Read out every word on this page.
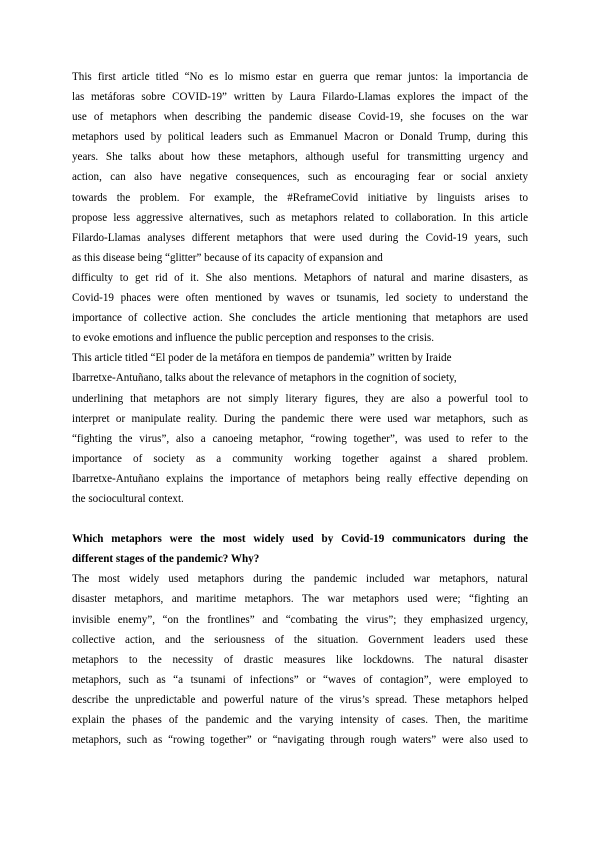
This first article titled “No es lo mismo estar en guerra que remar juntos: la importancia de
las metáforas sobre COVID-19” written by Laura Filardo-Llamas explores the impact of the
use of metaphors when describing the pandemic disease Covid-19, she focuses on the war
metaphors used by political leaders such as Emmanuel Macron or Donald Trump, during this
years. She talks about how these metaphors, although useful for transmitting urgency and
action, can also have negative consequences, such as encouraging fear or social anxiety
towards the problem. For example, the #ReframeCovid initiative by linguists arises to
propose less aggressive alternatives, such as metaphors related to collaboration. In this article
Filardo-Llamas analyses different metaphors that were used during the Covid-19 years, such
as this disease being “glitter” because of its capacity of expansion and

difficulty to get rid of it. She also mentions. Metaphors of natural and marine disasters, as
Covid-19 phaces were often mentioned by waves or tsunamis, led society to understand the
importance of collective action. She concludes the article mentioning that metaphors are used
to evoke emotions and influence the public perception and responses to the crisis.

This article titled “El poder de la metáfora en tiempos de pandemia” written by Iraide
Ibarretxe-Antuñano, talks about the relevance of metaphors in the cognition of society,
underlining that metaphors are not simply literary figures, they are also a powerful tool to
interpret or manipulate reality. During the pandemic there were used war metaphors, such as
“fighting the virus”, also a canoeing metaphor, “rowing together”, was used to refer to the
importance of society as a community working together against a shared problem.
Ibarretxe-Antuñano explains the importance of metaphors being really effective depending on
the sociocultural context.

Which metaphors were the most widely used by Covid-19 communicators during the
different stages of the pandemic? Why?

The most widely used metaphors during the pandemic included war metaphors, natural
disaster metaphors, and maritime metaphors. The war metaphors used were; “fighting an
invisible enemy”, “on the frontlines” and “combating the virus”; they emphasized urgency,
collective action, and the seriousness of the situation. Government leaders used these
metaphors to the necessity of drastic measures like lockdowns. The natural disaster
metaphors, such as “a tsunami of infections” or “waves of contagion”, were employed to
describe the unpredictable and powerful nature of the virus’s spread. These metaphors helped
explain the phases of the pandemic and the varying intensity of cases. Then, the maritime
metaphors, such as “rowing together” or “navigating through rough waters” were also used to
